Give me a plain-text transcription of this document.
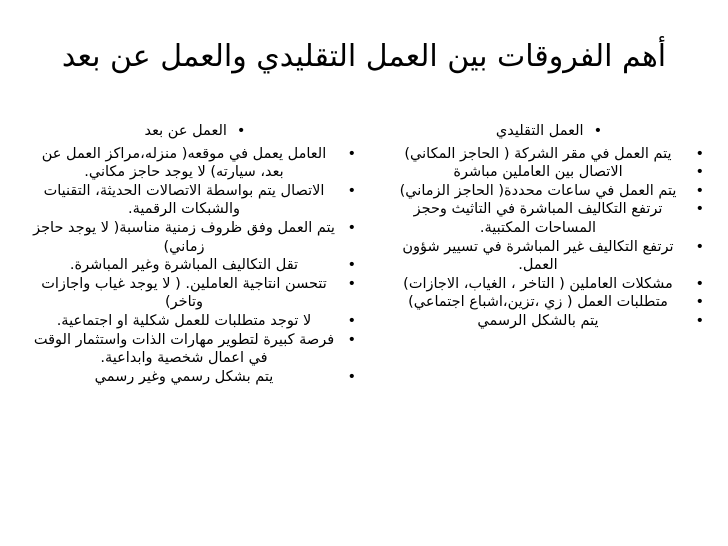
أهم الفروقات بين العمل التقليدي والعمل عن بعد
•العمل التقليدي
•
يتم العمل في مقر الشركة ( الحاجز المكاني)
•
الاتصال بين العاملين مباشرة
•
يتم العمل في ساعات محددة( الحاجز الزماني)
•
ترتفع التكاليف المباشرة في التاثيث وحجز المساحات المكتبية.
•
ترتفع التكاليف غير المباشرة في تسيير شؤون العمل.
•
مشكلات العاملين ( التاخر ، الغياب، الاجازات)
•
متطلبات العمل ( زي ،تزين،اشباع اجتماعي)
•
يتم بالشكل الرسمي
•العمل عن بعد
•
العامل يعمل في موقعه( منزله،مراكز العمل عن بعد، سيارته) لا يوجد حاجز مكاني.
•
الاتصال يتم بواسطة الاتصالات الحديثة، التقنيات والشبكات الرقمية.
•
يتم العمل وفق ظروف زمنية مناسبة( لا يوجد حاجز زماني)
•
تقل التكاليف المباشرة وغير المباشرة.
•
تتحسن انتاجية العاملين. ( لا يوجد غياب واجازات وتاخر)
•
لا توجد متطلبات للعمل شكلية او اجتماعية.
•
فرصة كبيرة لتطوير مهارات الذات واستثمار الوقت في اعمال شخصية وابداعية.
•
يتم بشكل رسمي وغير رسمي
